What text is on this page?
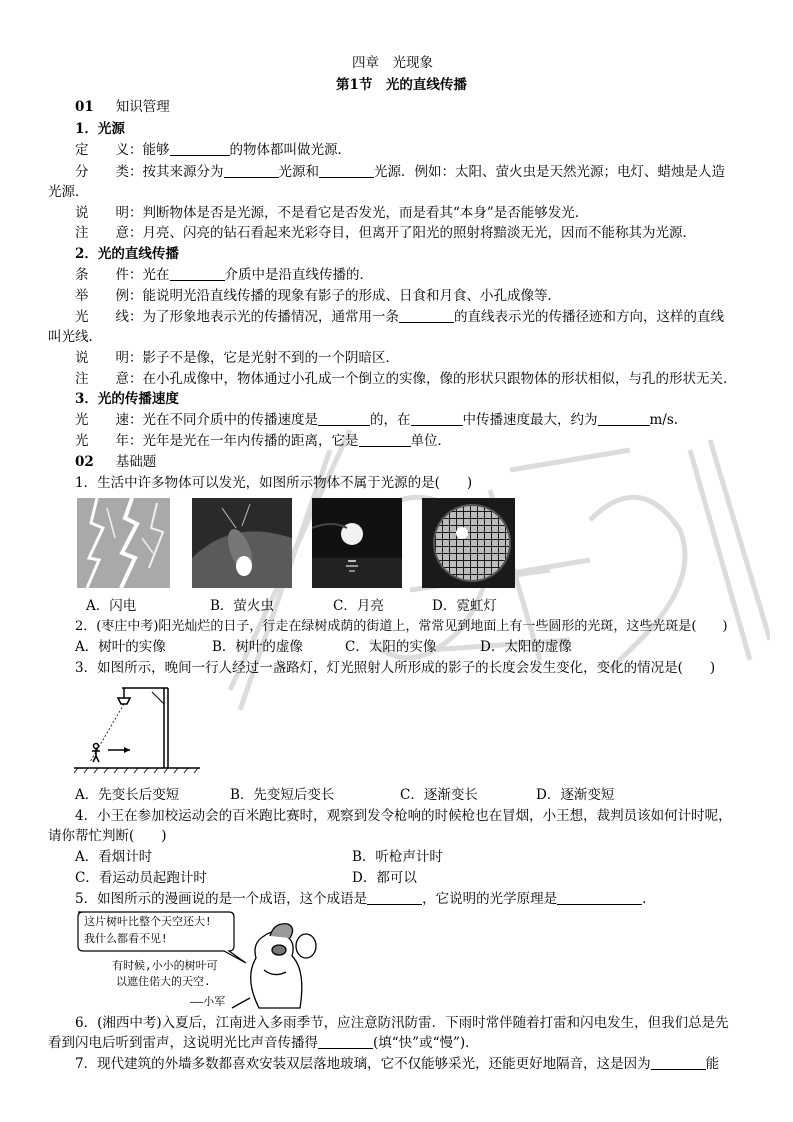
四章　光现象
第1节　光的直线传播
01 知识管理
1．光源
定　　义：能够	的物体都叫做光源．
分　　类：按其来源分为	光源和	光源．例如：太阳、萤火虫是天然光源；电灯、蜡烛是人造
光源．
说　　明：判断物体是否是光源，不是看它是否发光，而是看其“本身”是否能够发光．
注　　意：月亮、闪亮的钻石看起来光彩夺目，但离开了阳光的照射将黯淡无光，因而不能称其为光源．
2．光的直线传播
条　　件：光在	介质中是沿直线传播的．
举　　例：能说明光沿直线传播的现象有影子的形成、日食和月食、小孔成像等．
光　　线：为了形象地表示光的传播情况，通常用一条	的直线表示光的传播径迹和方向，这样的直线
叫光线．
说　　明：影子不是像，它是光射不到的一个阴暗区．
注　　意：在小孔成像中，物体通过小孔成一个倒立的实像，像的形状只跟物体的形状相似，与孔的形状无关．
3．光的传播速度
光　　速：光在不同介质中的传播速度是	的，在	中传播速度最大，约为	m/s.
光　　年：光年是光在一年内传播的距离，它是	单位．
02 基础题
1．生活中许多物体可以发光，如图所示物体不属于光源的是(　　)
A．闪电	B．萤火虫	C．月亮	D．霓虹灯
2．(枣庄中考)阳光灿烂的日子，行走在绿树成荫的街道上，常常见到地面上有一些圆形的光斑，这些光斑是(　　)
A．树叶的实像	B．树叶的虚像	C．太阳的实像	D．太阳的虚像
3．如图所示，晚间一行人经过一盏路灯，灯光照射人所形成的影子的长度会发生变化，变化的情况是(　　)
A．先变长后变短	B．先变短后变长	C．逐渐变长	D．逐渐变短
4．小王在参加校运动会的百米跑比赛时，观察到发令枪响的时候枪也在冒烟，小王想，裁判员该如何计时呢，
请你帮忙判断(　　)
A．看烟计时	B．听枪声计时
C．看运动员起跑计时	D．都可以
5．如图所示的漫画说的是一个成语，这个成语是	，它说明的光学原理是	.
这片树叶比整个天空还大!
我什么都看不见!
有时候,小小的树叶可
以遮住偌大的天空.
——小军
6．(湘西中考)入夏后，江南进入多雨季节，应注意防汛防雷．下雨时常伴随着打雷和闪电发生，但我们总是先
看到闪电后听到雷声，这说明光比声音传播得	(填“快”或“慢”)．
7．现代建筑的外墙多数都喜欢安装双层落地玻璃，它不仅能够采光，还能更好地隔音，这是因为	能
